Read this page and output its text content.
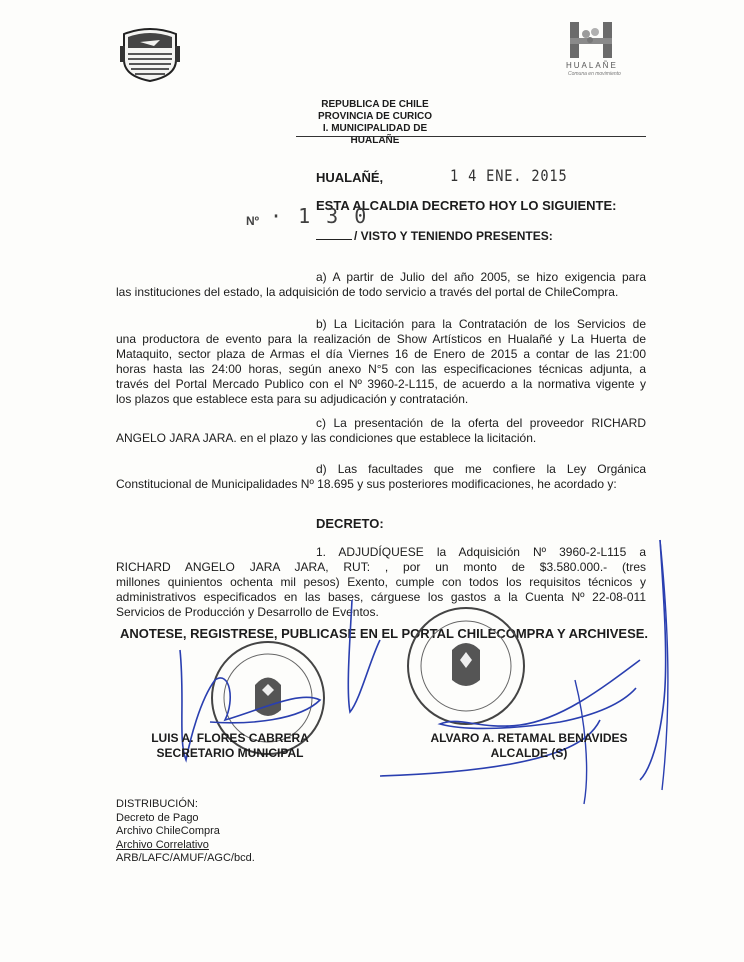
HUALAÑE
Comuna en movimiento
REPUBLICA DE CHILE
PROVINCIA DE CURICO
I. MUNICIPALIDAD DE HUALAÑE
HUALAÑÉ,	1 4 ENE. 2015
ESTA ALCALDIA DECRETO HOY LO SIGUIENTE:
Nº · 1 3 0
/ VISTO Y TENIENDO PRESENTES:
a) A partir de Julio del año 2005, se hizo exigencia para
las instituciones del estado, la adquisición de todo servicio a través del portal de ChileCompra.
b) La Licitación para la Contratación de los Servicios de
una productora de evento para la realización de Show Artísticos en Hualañé y La Huerta de
Mataquito, sector plaza de Armas el día Viernes 16 de Enero de 2015 a contar de las 21:00
horas hasta las 24:00 horas, según anexo N°5 con las especificaciones técnicas adjunta, a
través del Portal Mercado Publico con el Nº 3960-2-L115, de acuerdo a la normativa vigente y
los plazos que establece esta para su adjudicación y contratación.
c) La presentación de la oferta del proveedor RICHARD
ANGELO JARA JARA. en el plazo y las condiciones que establece la licitación.
d) Las facultades que me confiere la Ley Orgánica
Constitucional de Municipalidades Nº 18.695 y sus posteriores modificaciones, he acordado y:
DECRETO:
1. ADJUDÍQUESE la Adquisición Nº 3960-2-L115 a
RICHARD ANGELO JARA JARA, RUT: , por un monto de $3.580.000.- (tres
millones quinientos ochenta mil pesos) Exento, cumple con todos los requisitos técnicos y
administrativos especificados en las bases, cárguese los gastos a la Cuenta Nº 22-08-011
Servicios de Producción y Desarrollo de Eventos.
ANOTESE, REGISTRESE, PUBLICASE EN EL PORTAL CHILECOMPRA Y ARCHIVESE.
LUIS A. FLORES CABRERA
SECRETARIO MUNICIPAL
ALVARO A. RETAMAL BENAVIDES
ALCALDE (S)
DISTRIBUCIÓN:
Decreto de Pago
Archivo ChileCompra
Archivo Correlativo
ARB/LAFC/AMUF/AGC/bcd.
